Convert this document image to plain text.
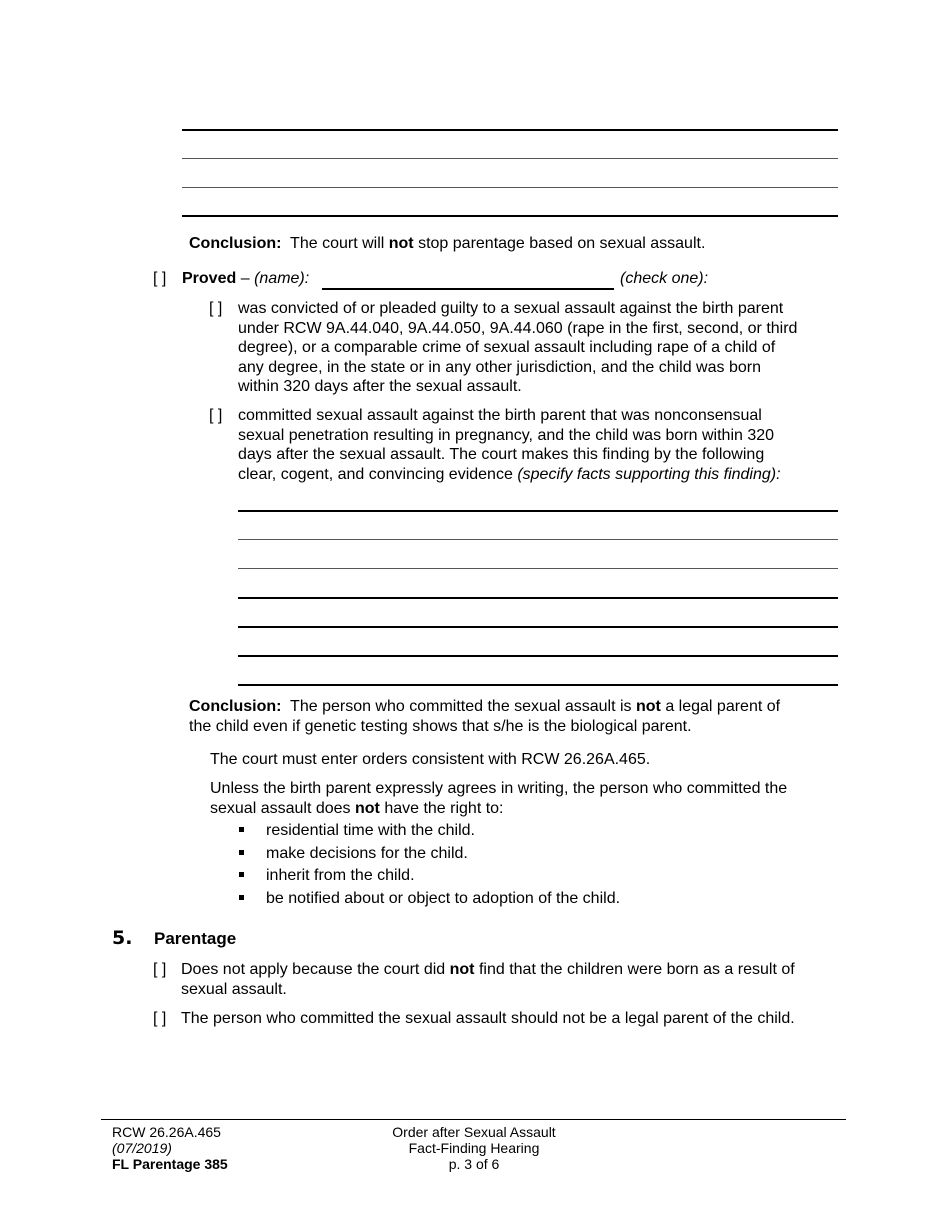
Conclusion: The court will not stop parentage based on sexual assault.
[ ] Proved – (name):	(check one):
[ ] was convicted of or pleaded guilty to a sexual assault against the birth parent
under RCW 9A.44.040, 9A.44.050, 9A.44.060 (rape in the first, second, or third
degree), or a comparable crime of sexual assault including rape of a child of
any degree, in the state or in any other jurisdiction, and the child was born
within 320 days after the sexual assault.
[ ] committed sexual assault against the birth parent that was nonconsensual
sexual penetration resulting in pregnancy, and the child was born within 320
days after the sexual assault. The court makes this finding by the following
clear, cogent, and convincing evidence (specify facts supporting this finding):
Conclusion: The person who committed the sexual assault is not a legal parent of
the child even if genetic testing shows that s/he is the biological parent.
The court must enter orders consistent with RCW 26.26A.465.
Unless the birth parent expressly agrees in writing, the person who committed the
sexual assault does not have the right to:
residential time with the child.
make decisions for the child.
inherit from the child.
be notified about or object to adoption of the child.
5. Parentage
[ ] Does not apply because the court did not find that the children were born as a result of
sexual assault.
[ ] The person who committed the sexual assault should not be a legal parent of the child.
RCW 26.26A.465
(07/2019)
FL Parentage 385
Order after Sexual Assault
Fact-Finding Hearing
p. 3 of 6
